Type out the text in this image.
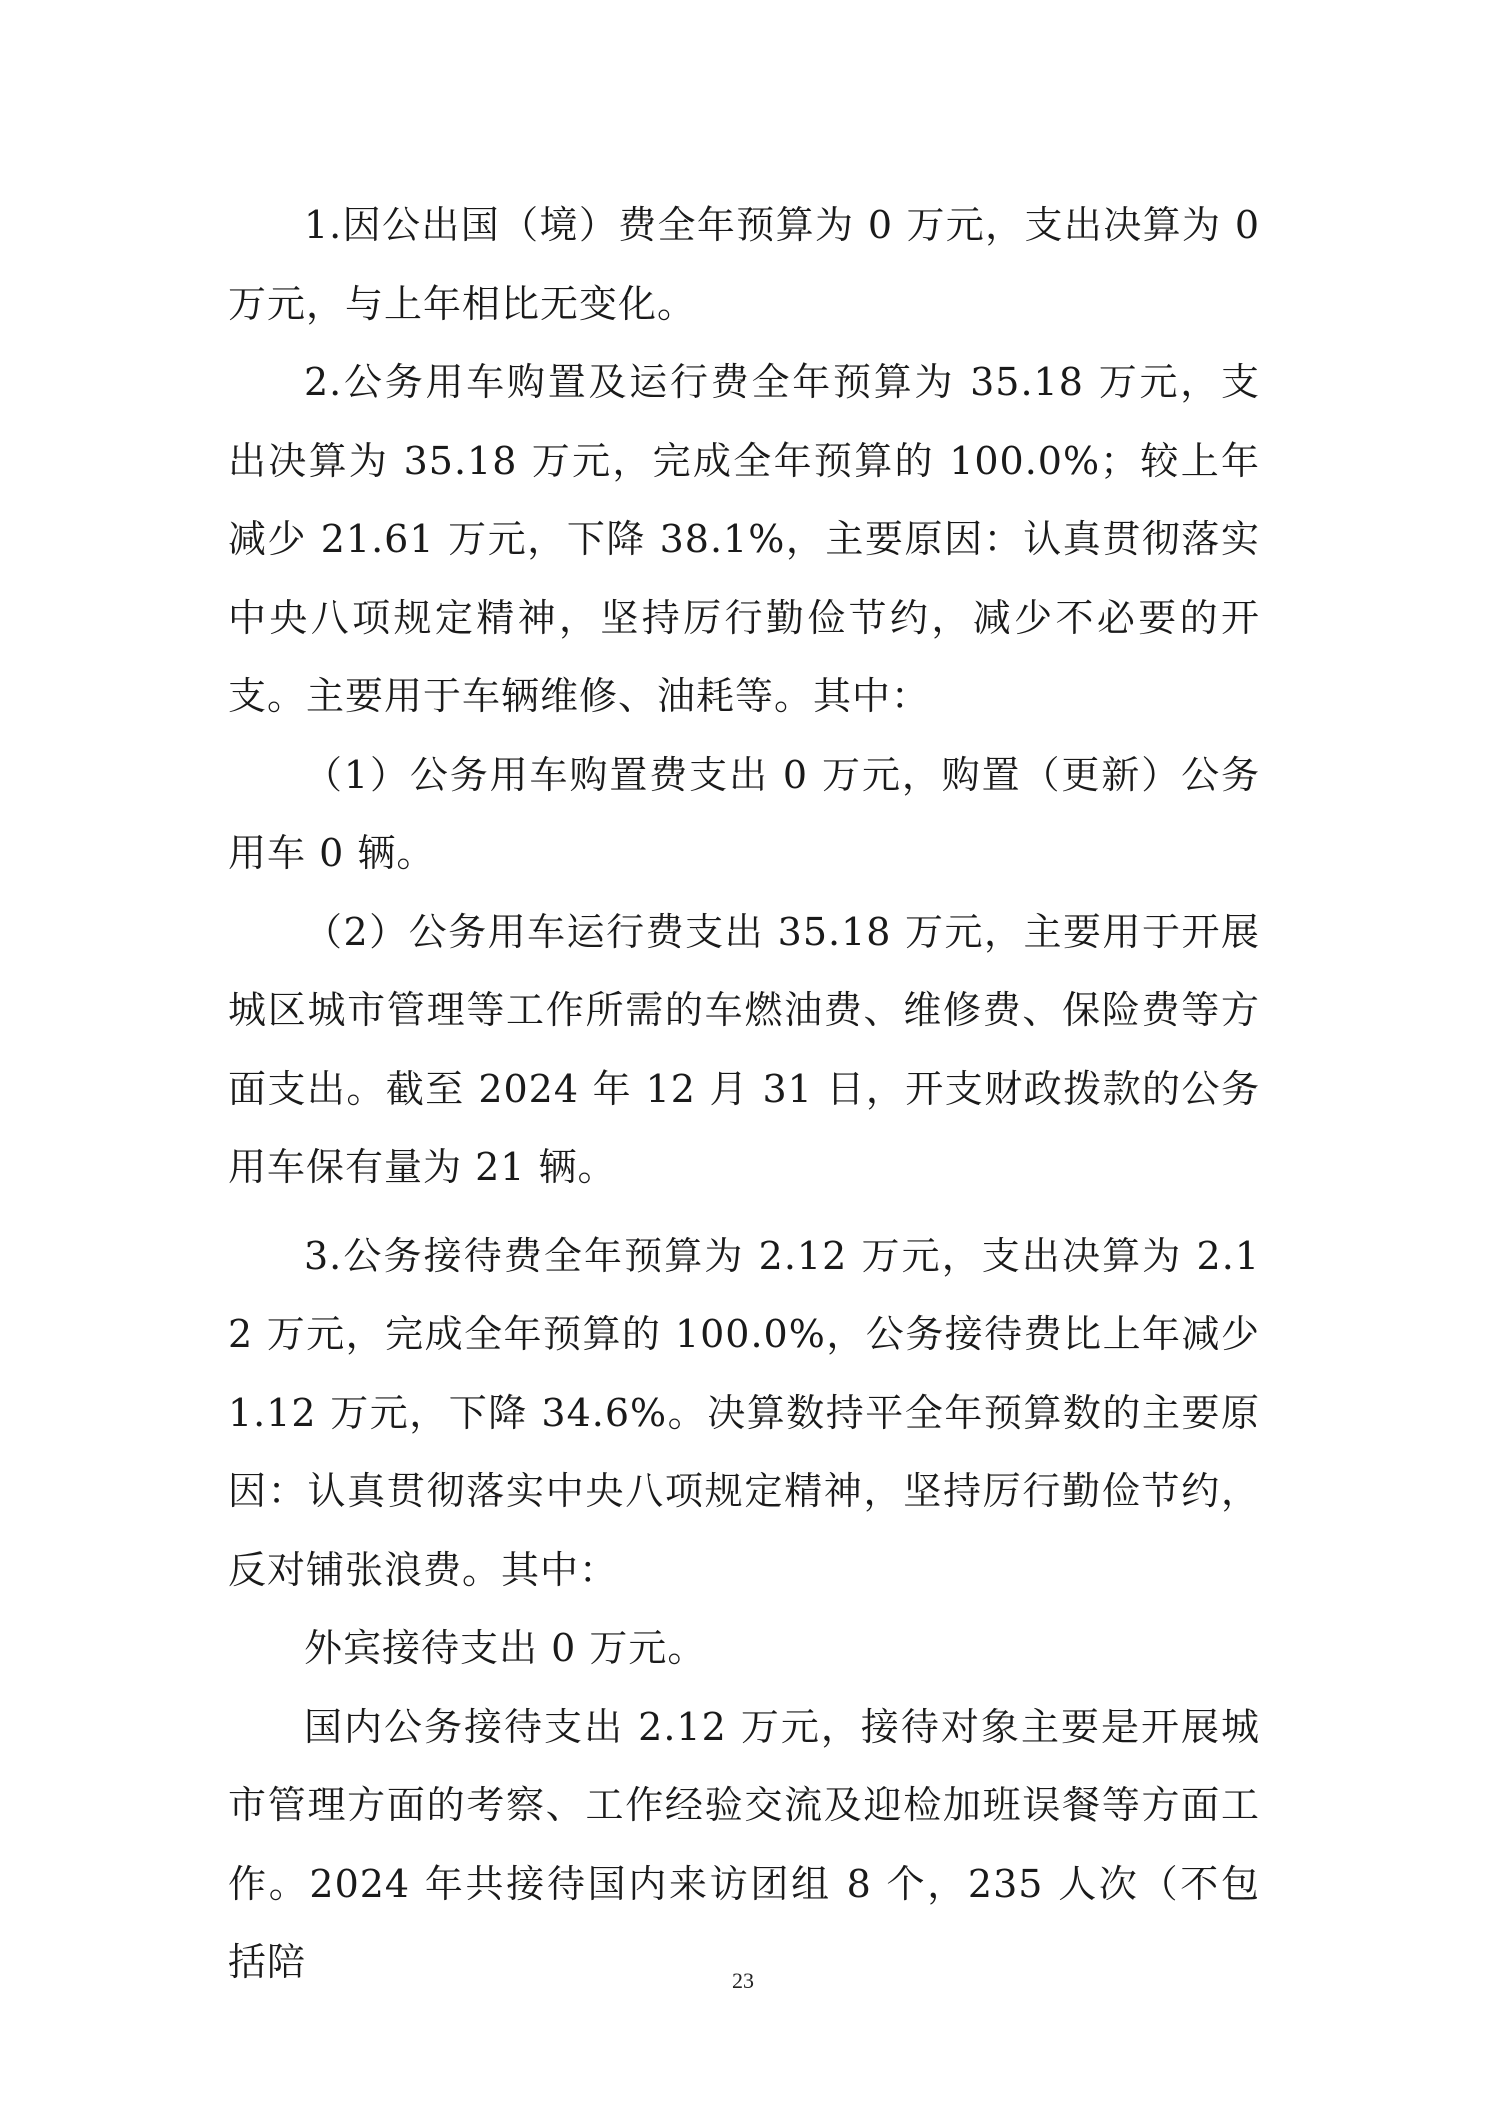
1.因公出国（境）费全年预算为 0 万元，支出决算为 0 万元，与上年相比无变化。

2.公务用车购置及运行费全年预算为 35.18 万元，支出决算为 35.18 万元，完成全年预算的 100.0%；较上年减少 21.61 万元，下降 38.1%，主要原因：认真贯彻落实中央八项规定精神，坚持厉行勤俭节约，减少不必要的开支。主要用于车辆维修、油耗等。其中：

（1）公务用车购置费支出 0 万元，购置（更新）公务用车 0 辆。

（2）公务用车运行费支出 35.18 万元，主要用于开展城区城市管理等工作所需的车燃油费、维修费、保险费等方面支出。截至 2024 年 12 月 31 日，开支财政拨款的公务用车保有量为 21 辆。

3.公务接待费全年预算为 2.12 万元，支出决算为 2.12 万元，完成全年预算的 100.0%，公务接待费比上年减少 1.12 万元，下降 34.6%。决算数持平全年预算数的主要原因：认真贯彻落实中央八项规定精神，坚持厉行勤俭节约，反对铺张浪费。其中：

外宾接待支出 0 万元。

国内公务接待支出 2.12 万元，接待对象主要是开展城市管理方面的考察、工作经验交流及迎检加班误餐等方面工作。2024 年共接待国内来访团组 8 个，235 人次（不包括陪	23
